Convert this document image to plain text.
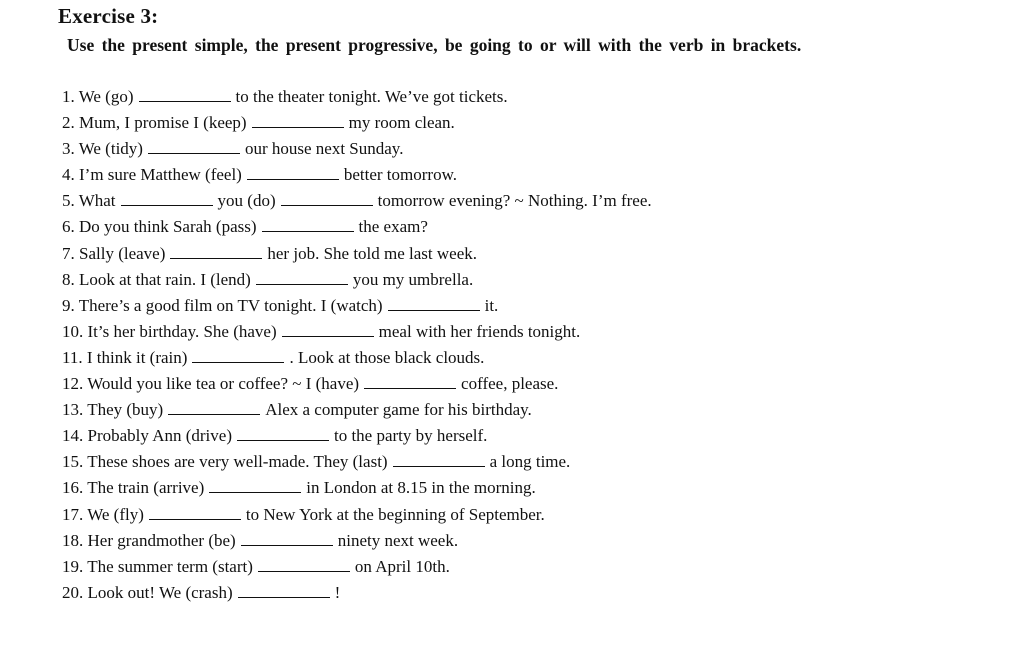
Exercise 3:
Use the present simple, the present progressive, be going to or will with the verb in brackets.
1. We (go)	to the theater tonight. We’ve got tickets.
2. Mum, I promise I (keep)	my room clean.
3. We (tidy)	our house next Sunday.
4. I’m sure Matthew (feel)	better tomorrow.
5. What	you (do)	tomorrow evening? ~ Nothing. I’m free.
6. Do you think Sarah (pass)	the exam?
7. Sally (leave)	her job. She told me last week.
8. Look at that rain. I (lend)	you my umbrella.
9. There’s a good film on TV tonight. I (watch)	it.
10. It’s her birthday. She (have)	meal with her friends tonight.
11. I think it (rain)	. Look at those black clouds.
12. Would you like tea or coffee? ~ I (have)	coffee, please.
13. They (buy)	Alex a computer game for his birthday.
14. Probably Ann (drive)	to the party by herself.
15. These shoes are very well-made. They (last)	a long time.
16. The train (arrive)	in London at 8.15 in the morning.
17. We (fly)	to New York at the beginning of September.
18. Her grandmother (be)	ninety next week.
19. The summer term (start)	on April 10th.
20. Look out! We (crash)	!
